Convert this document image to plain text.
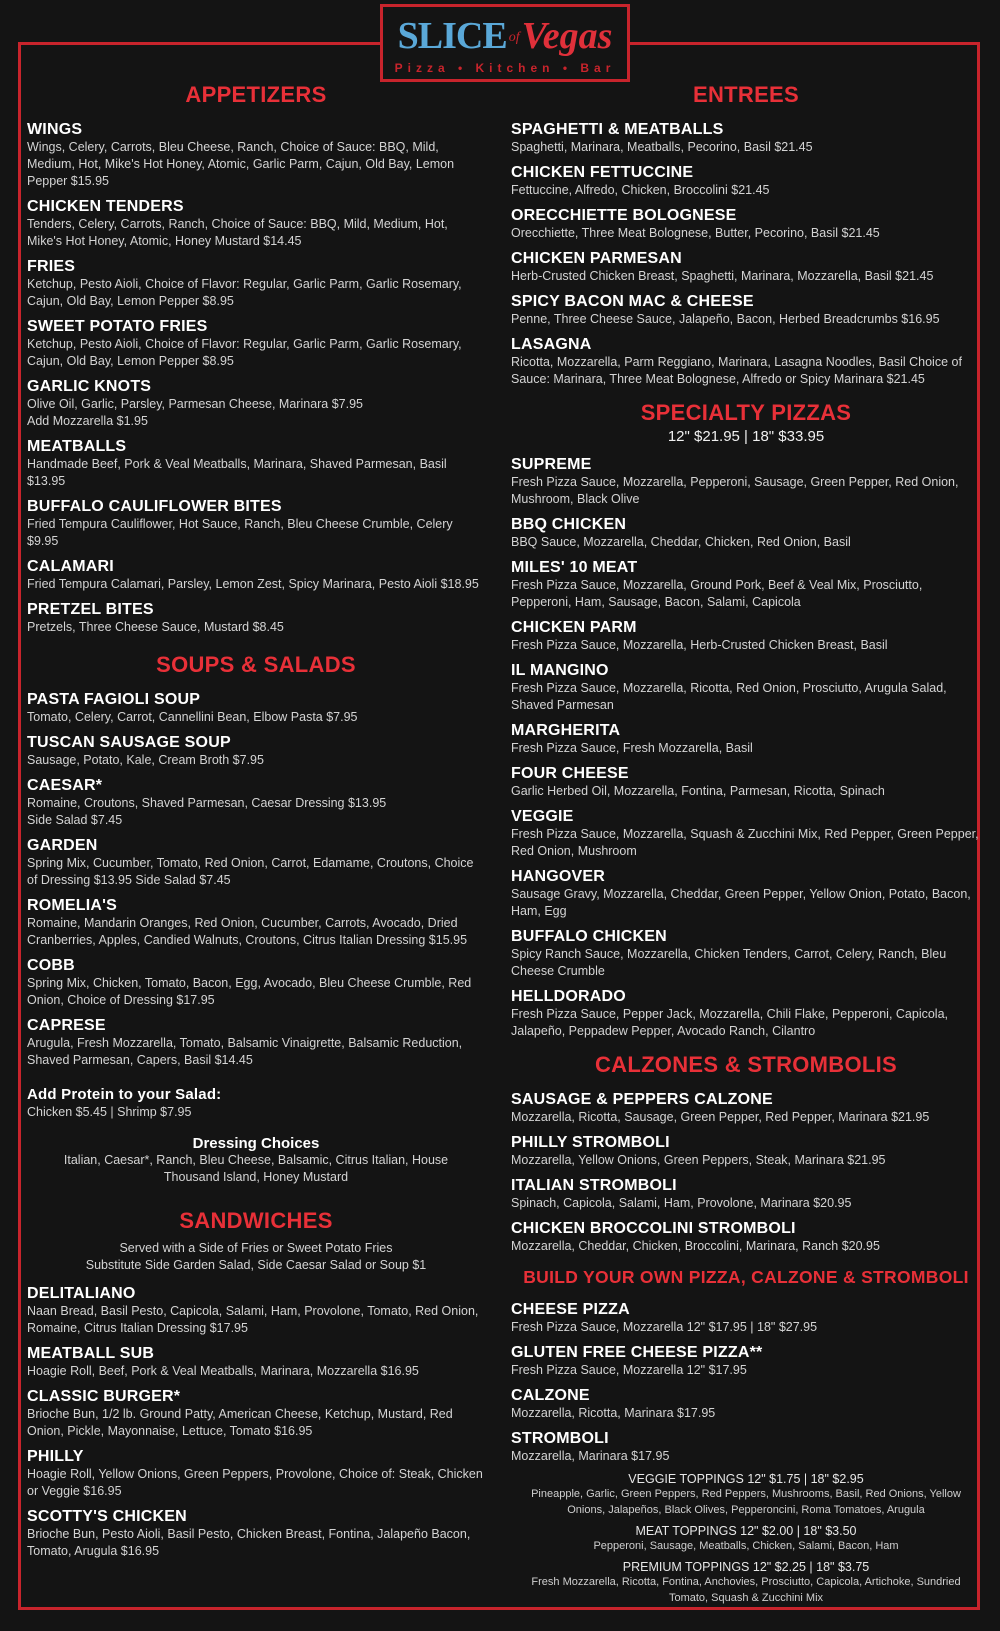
SLICE ofVegas
Pizza • Kitchen • Bar
APPETIZERS
WINGS
Wings, Celery, Carrots, Bleu Cheese, Ranch, Choice of Sauce: BBQ, Mild, Medium, Hot, Mike's Hot Honey, Atomic, Garlic Parm, Cajun, Old Bay, Lemon Pepper $15.95
CHICKEN TENDERS
Tenders, Celery, Carrots, Ranch, Choice of Sauce: BBQ, Mild, Medium, Hot, Mike's Hot Honey, Atomic, Honey Mustard $14.45
FRIES
Ketchup, Pesto Aioli, Choice of Flavor: Regular, Garlic Parm, Garlic Rosemary, Cajun, Old Bay, Lemon Pepper $8.95
SWEET POTATO FRIES
Ketchup, Pesto Aioli, Choice of Flavor: Regular, Garlic Parm, Garlic Rosemary, Cajun, Old Bay, Lemon Pepper $8.95
GARLIC KNOTS
Olive Oil, Garlic, Parsley, Parmesan Cheese, Marinara $7.95
Add Mozzarella $1.95
MEATBALLS
Handmade Beef, Pork & Veal Meatballs, Marinara, Shaved Parmesan, Basil $13.95
BUFFALO CAULIFLOWER BITES
Fried Tempura Cauliflower, Hot Sauce, Ranch, Bleu Cheese Crumble, Celery $9.95
CALAMARI
Fried Tempura Calamari, Parsley, Lemon Zest, Spicy Marinara, Pesto Aioli $18.95
PRETZEL BITES
Pretzels, Three Cheese Sauce, Mustard $8.45
SOUPS & SALADS
PASTA FAGIOLI SOUP
Tomato, Celery, Carrot, Cannellini Bean, Elbow Pasta $7.95
TUSCAN SAUSAGE SOUP
Sausage, Potato, Kale, Cream Broth $7.95
CAESAR*
Romaine, Croutons, Shaved Parmesan, Caesar Dressing $13.95
Side Salad $7.45
GARDEN
Spring Mix, Cucumber, Tomato, Red Onion, Carrot, Edamame, Croutons, Choice of Dressing $13.95 Side Salad $7.45
ROMELIA'S
Romaine, Mandarin Oranges, Red Onion, Cucumber, Carrots, Avocado, Dried Cranberries, Apples, Candied Walnuts, Croutons, Citrus Italian Dressing $15.95
COBB
Spring Mix, Chicken, Tomato, Bacon, Egg, Avocado, Bleu Cheese Crumble, Red Onion, Choice of Dressing $17.95
CAPRESE
Arugula, Fresh Mozzarella, Tomato, Balsamic Vinaigrette, Balsamic Reduction, Shaved Parmesan, Capers, Basil $14.45
Add Protein to your Salad:
Chicken $5.45 | Shrimp $7.95
Dressing Choices
Italian, Caesar*, Ranch, Bleu Cheese, Balsamic, Citrus Italian, House Thousand Island, Honey Mustard
SANDWICHES
Served with a Side of Fries or Sweet Potato Fries
Substitute Side Garden Salad, Side Caesar Salad or Soup $1
DELITALIANO
Naan Bread, Basil Pesto, Capicola, Salami, Ham, Provolone, Tomato, Red Onion, Romaine, Citrus Italian Dressing $17.95
MEATBALL SUB
Hoagie Roll, Beef, Pork & Veal Meatballs, Marinara, Mozzarella $16.95
CLASSIC BURGER*
Brioche Bun, 1/2 lb. Ground Patty, American Cheese, Ketchup, Mustard, Red Onion, Pickle, Mayonnaise, Lettuce, Tomato $16.95
PHILLY
Hoagie Roll, Yellow Onions, Green Peppers, Provolone, Choice of: Steak, Chicken or Veggie $16.95
SCOTTY'S CHICKEN
Brioche Bun, Pesto Aioli, Basil Pesto, Chicken Breast, Fontina, Jalapeño Bacon, Tomato, Arugula $16.95
ENTREES
SPAGHETTI & MEATBALLS
Spaghetti, Marinara, Meatballs, Pecorino, Basil $21.45
CHICKEN FETTUCCINE
Fettuccine, Alfredo, Chicken, Broccolini $21.45
ORECCHIETTE BOLOGNESE
Orecchiette, Three Meat Bolognese, Butter, Pecorino, Basil $21.45
CHICKEN PARMESAN
Herb-Crusted Chicken Breast, Spaghetti, Marinara, Mozzarella, Basil $21.45
SPICY BACON MAC & CHEESE
Penne, Three Cheese Sauce, Jalapeño, Bacon, Herbed Breadcrumbs $16.95
LASAGNA
Ricotta, Mozzarella, Parm Reggiano, Marinara, Lasagna Noodles, Basil Choice of Sauce: Marinara, Three Meat Bolognese, Alfredo or Spicy Marinara $21.45
SPECIALTY PIZZAS
12" $21.95 | 18" $33.95
SUPREME
Fresh Pizza Sauce, Mozzarella, Pepperoni, Sausage, Green Pepper, Red Onion, Mushroom, Black Olive
BBQ CHICKEN
BBQ Sauce, Mozzarella, Cheddar, Chicken, Red Onion, Basil
MILES' 10 MEAT
Fresh Pizza Sauce, Mozzarella, Ground Pork, Beef & Veal Mix, Prosciutto, Pepperoni, Ham, Sausage, Bacon, Salami, Capicola
CHICKEN PARM
Fresh Pizza Sauce, Mozzarella, Herb-Crusted Chicken Breast, Basil
IL MANGINO
Fresh Pizza Sauce, Mozzarella, Ricotta, Red Onion, Prosciutto, Arugula Salad, Shaved Parmesan
MARGHERITA
Fresh Pizza Sauce, Fresh Mozzarella, Basil
FOUR CHEESE
Garlic Herbed Oil, Mozzarella, Fontina, Parmesan, Ricotta, Spinach
VEGGIE
Fresh Pizza Sauce, Mozzarella, Squash & Zucchini Mix, Red Pepper, Green Pepper, Red Onion, Mushroom
HANGOVER
Sausage Gravy, Mozzarella, Cheddar, Green Pepper, Yellow Onion, Potato, Bacon, Ham, Egg
BUFFALO CHICKEN
Spicy Ranch Sauce, Mozzarella, Chicken Tenders, Carrot, Celery, Ranch, Bleu Cheese Crumble
HELLDORADO
Fresh Pizza Sauce, Pepper Jack, Mozzarella, Chili Flake, Pepperoni, Capicola, Jalapeño, Peppadew Pepper, Avocado Ranch, Cilantro
CALZONES & STROMBOLIS
SAUSAGE & PEPPERS CALZONE
Mozzarella, Ricotta, Sausage, Green Pepper, Red Pepper, Marinara $21.95
PHILLY STROMBOLI
Mozzarella, Yellow Onions, Green Peppers, Steak, Marinara $21.95
ITALIAN STROMBOLI
Spinach, Capicola, Salami, Ham, Provolone, Marinara $20.95
CHICKEN BROCCOLINI STROMBOLI
Mozzarella, Cheddar, Chicken, Broccolini, Marinara, Ranch $20.95
BUILD YOUR OWN PIZZA, CALZONE & STROMBOLI
CHEESE PIZZA
Fresh Pizza Sauce, Mozzarella 12" $17.95 | 18" $27.95
GLUTEN FREE CHEESE PIZZA**
Fresh Pizza Sauce, Mozzarella 12" $17.95
CALZONE
Mozzarella, Ricotta, Marinara $17.95
STROMBOLI
Mozzarella, Marinara $17.95
VEGGIE TOPPINGS 12" $1.75 | 18" $2.95
Pineapple, Garlic, Green Peppers, Red Peppers, Mushrooms, Basil, Red Onions, Yellow Onions, Jalapeños, Black Olives, Pepperoncini, Roma Tomatoes, Arugula
MEAT TOPPINGS 12" $2.00 | 18" $3.50
Pepperoni, Sausage, Meatballs, Chicken, Salami, Bacon, Ham
PREMIUM TOPPINGS 12" $2.25 | 18" $3.75
Fresh Mozzarella, Ricotta, Fontina, Anchovies, Prosciutto, Capicola, Artichoke, Sundried Tomato, Squash & Zucchini Mix
